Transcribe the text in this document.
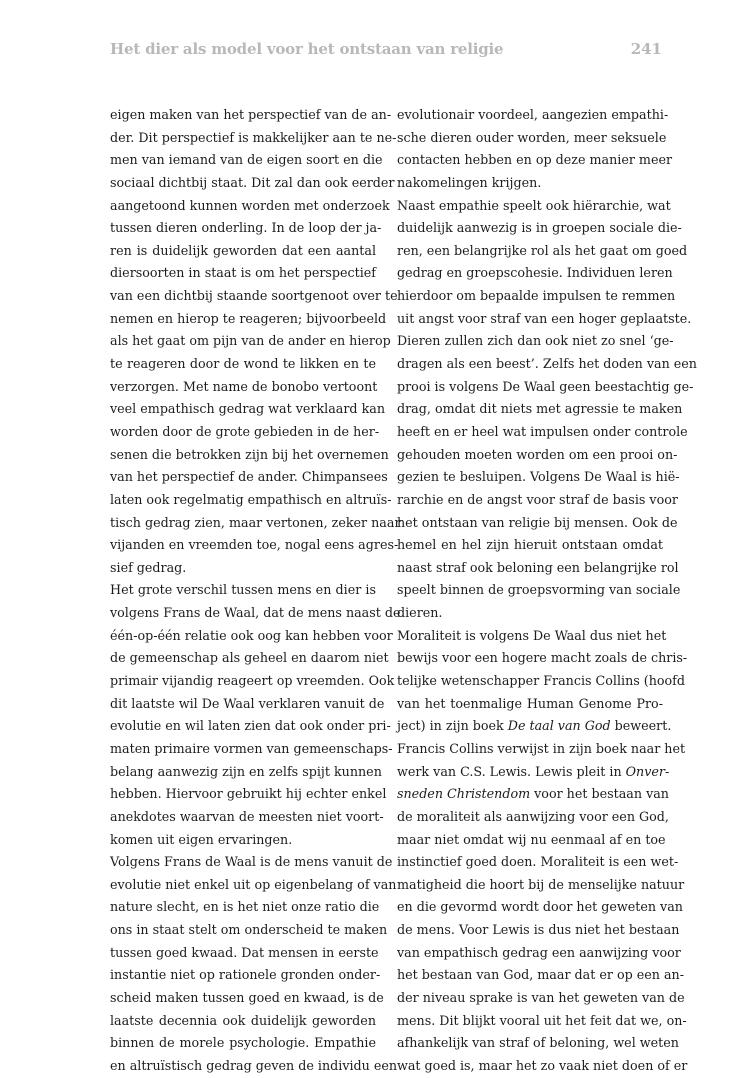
Het dier als model voor het ontstaan van religie	241
eigen maken van het perspectief van de an-
der. Dit perspectief is makkelijker aan te ne-
men van iemand van de eigen soort en die
sociaal dichtbij staat. Dit zal dan ook eerder
aangetoond kunnen worden met onderzoek
tussen dieren onderling. In de loop der ja-
ren is duidelijk geworden dat een aantal
diersoorten in staat is om het perspectief
van een dichtbij staande soortgenoot over te
nemen en hierop te reageren; bijvoorbeeld
als het gaat om pijn van de ander en hierop
te reageren door de wond te likken en te
verzorgen. Met name de bonobo vertoont
veel empathisch gedrag wat verklaard kan
worden door de grote gebieden in de her-
senen die betrokken zijn bij het overnemen
van het perspectief de ander. Chimpansees
laten ook regelmatig empathisch en altruïs-
tisch gedrag zien, maar vertonen, zeker naar
vijanden en vreemden toe, nogal eens agres-
sief gedrag.
Het grote verschil tussen mens en dier is
volgens Frans de Waal, dat de mens naast de
één-op-één relatie ook oog kan hebben voor
de gemeenschap als geheel en daarom niet
primair vijandig reageert op vreemden. Ook
dit laatste wil De Waal verklaren vanuit de
evolutie en wil laten zien dat ook onder pri-
maten primaire vormen van gemeenschaps-
belang aanwezig zijn en zelfs spijt kunnen
hebben. Hiervoor gebruikt hij echter enkel
anekdotes waarvan de meesten niet voort-
komen uit eigen ervaringen.
Volgens Frans de Waal is de mens vanuit de
evolutie niet enkel uit op eigenbelang of van
nature slecht, en is het niet onze ratio die
ons in staat stelt om onderscheid te maken
tussen goed kwaad. Dat mensen in eerste
instantie niet op rationele gronden onder-
scheid maken tussen goed en kwaad, is de
laatste decennia ook duidelijk geworden
binnen de morele psychologie. Empathie
en altruïstisch gedrag geven de individu een
evolutionair voordeel, aangezien empathi-
sche dieren ouder worden, meer seksuele
contacten hebben en op deze manier meer
nakomelingen krijgen.
Naast empathie speelt ook hiërarchie, wat
duidelijk aanwezig is in groepen sociale die-
ren, een belangrijke rol als het gaat om goed
gedrag en groepscohesie. Individuen leren
hierdoor om bepaalde impulsen te remmen
uit angst voor straf van een hoger geplaatste.
Dieren zullen zich dan ook niet zo snel ‘ge-
dragen als een beest’. Zelfs het doden van een
prooi is volgens De Waal geen beestachtig ge-
drag, omdat dit niets met agressie te maken
heeft en er heel wat impulsen onder controle
gehouden moeten worden om een prooi on-
gezien te besluipen. Volgens De Waal is hië-
rarchie en de angst voor straf de basis voor
het ontstaan van religie bij mensen. Ook de
hemel en hel zijn hieruit ontstaan omdat
naast straf ook beloning een belangrijke rol
speelt binnen de groepsvorming van sociale
dieren.
Moraliteit is volgens De Waal dus niet het
bewijs voor een hogere macht zoals de chris-
telijke wetenschapper Francis Collins (hoofd
van het toenmalige Human Genome Pro-
ject) in zijn boek De taal van God beweert.
Francis Collins verwijst in zijn boek naar het
werk van C.S. Lewis. Lewis pleit in Onver-
sneden Christendom voor het bestaan van
de moraliteit als aanwijzing voor een God,
maar niet omdat wij nu eenmaal af en toe
instinctief goed doen. Moraliteit is een wet-
matigheid die hoort bij de menselijke natuur
en die gevormd wordt door het geweten van
de mens. Voor Lewis is dus niet het bestaan
van empathisch gedrag een aanwijzing voor
het bestaan van God, maar dat er op een an-
der niveau sprake is van het geweten van de
mens. Dit blijkt vooral uit het feit dat we, on-
afhankelijk van straf of beloning, wel weten
wat goed is, maar het zo vaak niet doen of er
